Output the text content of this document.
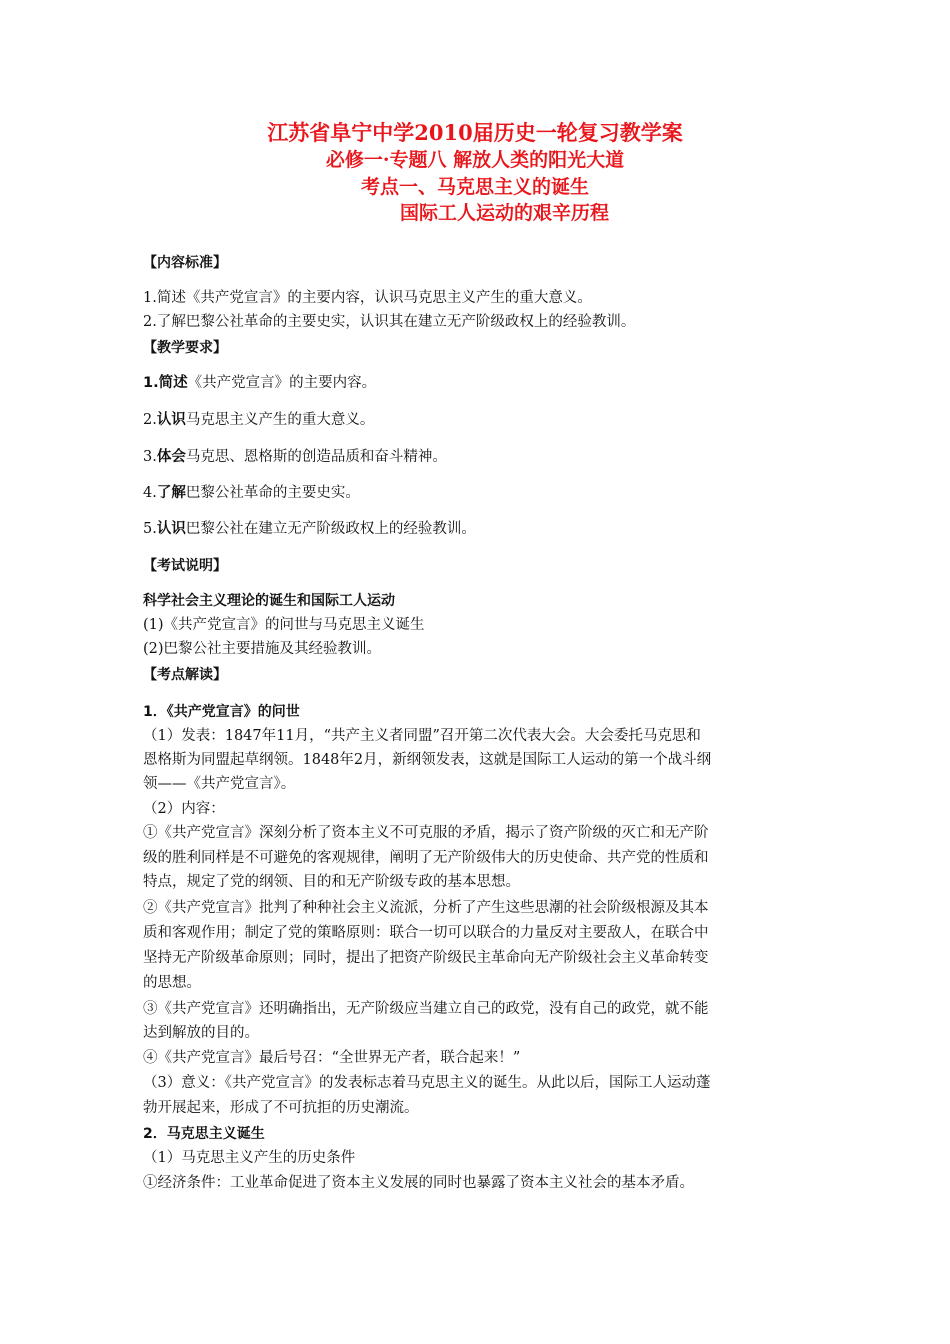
江苏省阜宁中学2010届历史一轮复习教学案
必修一·专题八 解放人类的阳光大道
考点一、马克思主义的诞生
国际工人运动的艰辛历程
【内容标准】
1.简述《共产党宣言》的主要内容，认识马克思主义产生的重大意义。
2.了解巴黎公社革命的主要史实，认识其在建立无产阶级政权上的经验教训。
【教学要求】
1.简述《共产党宣言》的主要内容。
2.认识马克思主义产生的重大意义。
3.体会马克思、恩格斯的创造品质和奋斗精神。
4.了解巴黎公社革命的主要史实。
5.认识巴黎公社在建立无产阶级政权上的经验教训。
【考试说明】
科学社会主义理论的诞生和国际工人运动
(1)《共产党宣言》的问世与马克思主义诞生
(2)巴黎公社主要措施及其经验教训。
【考点解读】
1．《共产党宣言》的问世
（1）发表：1847年11月，“共产主义者同盟”召开第二次代表大会。大会委托马克思和
恩格斯为同盟起草纲领。1848年2月，新纲领发表，这就是国际工人运动的第一个战斗纲
领——《共产党宣言》。
（2）内容：
①《共产党宣言》深刻分析了资本主义不可克服的矛盾，揭示了资产阶级的灭亡和无产阶
级的胜利同样是不可避免的客观规律，阐明了无产阶级伟大的历史使命、共产党的性质和
特点，规定了党的纲领、目的和无产阶级专政的基本思想。
②《共产党宣言》批判了种种社会主义流派，分析了产生这些思潮的社会阶级根源及其本
质和客观作用；制定了党的策略原则：联合一切可以联合的力量反对主要敌人，在联合中
坚持无产阶级革命原则；同时，提出了把资产阶级民主革命向无产阶级社会主义革命转变
的思想。
③《共产党宣言》还明确指出，无产阶级应当建立自己的政党，没有自己的政党，就不能
达到解放的目的。
④《共产党宣言》最后号召：“全世界无产者，联合起来！”
（3）意义：《共产党宣言》的发表标志着马克思主义的诞生。从此以后，国际工人运动蓬
勃开展起来，形成了不可抗拒的历史潮流。
2．马克思主义诞生
（1）马克思主义产生的历史条件
①经济条件：工业革命促进了资本主义发展的同时也暴露了资本主义社会的基本矛盾。
